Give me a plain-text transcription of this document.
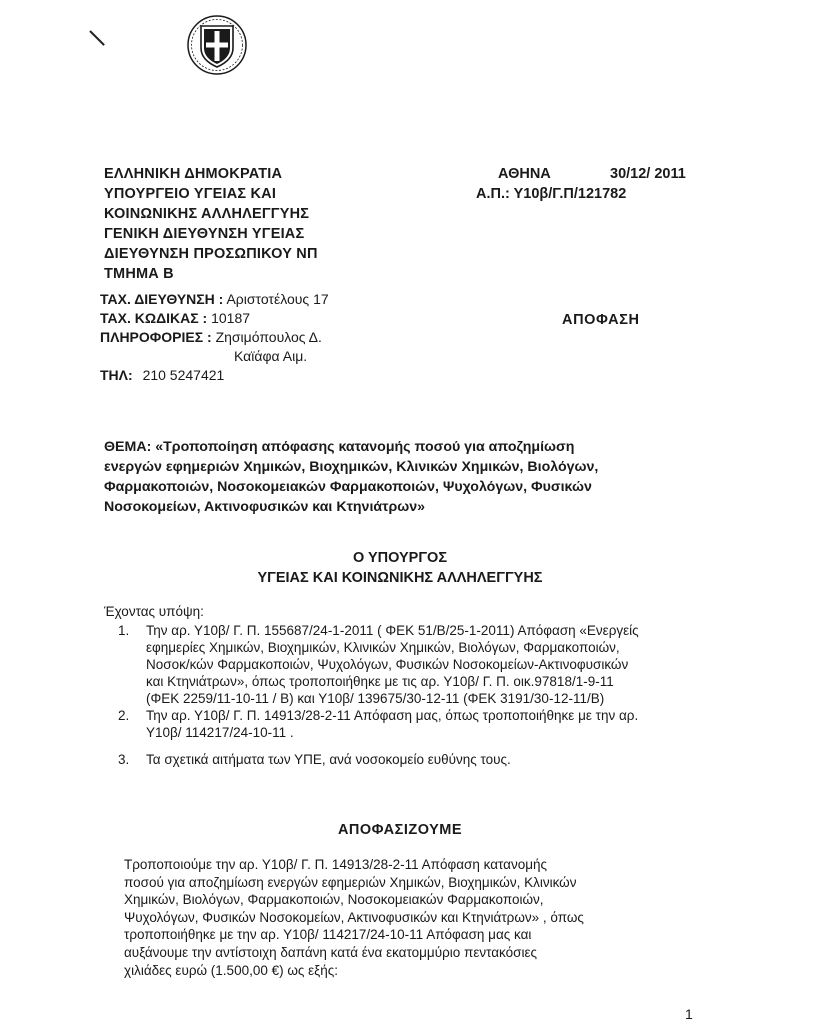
ΕΛΛΗΝΙΚΗ ΔΗΜΟΚΡΑΤΙΑ
ΥΠΟΥΡΓΕΙΟ ΥΓΕΙΑΣ ΚΑΙ
ΚΟΙΝΩΝΙΚΗΣ ΑΛΛΗΛΕΓΓΥΗΣ
ΓΕΝΙΚΗ ΔΙΕΥΘΥΝΣΗ ΥΓΕΙΑΣ
ΔΙΕΥΘΥΝΣΗ ΠΡΟΣΩΠΙΚΟΥ ΝΠ
ΤΜΗΜΑ Β
ΑΘΗΝΑ	30/12/ 2011
Α.Π.: Υ10β/Γ.Π/121782
ΤΑΧ. ΔΙΕΥΘΥΝΣΗ : Αριστοτέλους 17
ΤΑΧ. ΚΩΔΙΚΑΣ : 10187
ΠΛΗΡΟΦΟΡΙΕΣ : Ζησιμόπουλος Δ.
Καϊάφα Αιμ.
ΤΗΛ: 210 5247421
ΑΠΟΦΑΣΗ
ΘΕΜΑ: «Τροποποίηση απόφασης κατανομής ποσού για αποζημίωση
ενεργών εφημεριών Χημικών, Βιοχημικών, Κλινικών Χημικών, Βιολόγων,
Φαρμακοποιών, Νοσοκομειακών Φαρμακοποιών, Ψυχολόγων, Φυσικών
Νοσοκομείων, Ακτινοφυσικών και Κτηνιάτρων»
Ο ΥΠΟΥΡΓΟΣ
ΥΓΕΙΑΣ ΚΑΙ ΚΟΙΝΩΝΙΚΗΣ ΑΛΛΗΛΕΓΓΥΗΣ
Έχοντας υπόψη:
1. Την αρ. Υ10β/ Γ. Π. 155687/24-1-2011 ( ΦΕΚ 51/Β/25-1-2011) Απόφαση «Ενεργείς
εφημερίες Χημικών, Βιοχημικών, Κλινικών Χημικών, Βιολόγων, Φαρμακοποιών,
Νοσοκ/κών Φαρμακοποιών, Ψυχολόγων, Φυσικών Νοσοκομείων-Ακτινοφυσικών
και Κτηνιάτρων», όπως τροποποιήθηκε με τις αρ. Υ10β/ Γ. Π. οικ.97818/1-9-11
(ΦΕΚ 2259/11-10-11 / Β) και Υ10β/ 139675/30-12-11 (ΦΕΚ 3191/30-12-11/Β)
2. Την αρ. Υ10β/ Γ. Π. 14913/28-2-11 Απόφαση μας, όπως τροποποιήθηκε με την αρ.
Υ10β/ 114217/24-10-11 .
3. Τα σχετικά αιτήματα των ΥΠΕ, ανά νοσοκομείο ευθύνης τους.
ΑΠΟΦΑΣΙΖΟΥΜΕ
Τροποποιούμε την αρ. Υ10β/ Γ. Π. 14913/28-2-11 Απόφαση κατανομής
ποσού για αποζημίωση ενεργών εφημεριών Χημικών, Βιοχημικών, Κλινικών
Χημικών, Βιολόγων, Φαρμακοποιών, Νοσοκομειακών Φαρμακοποιών,
Ψυχολόγων, Φυσικών Νοσοκομείων, Ακτινοφυσικών και Κτηνιάτρων» , όπως
τροποποιήθηκε με την αρ. Υ10β/ 114217/24-10-11 Απόφαση μας και
αυξάνουμε την αντίστοιχη δαπάνη κατά ένα εκατομμύριο πεντακόσιες
χιλιάδες ευρώ (1.500,00 €) ως εξής:
1
